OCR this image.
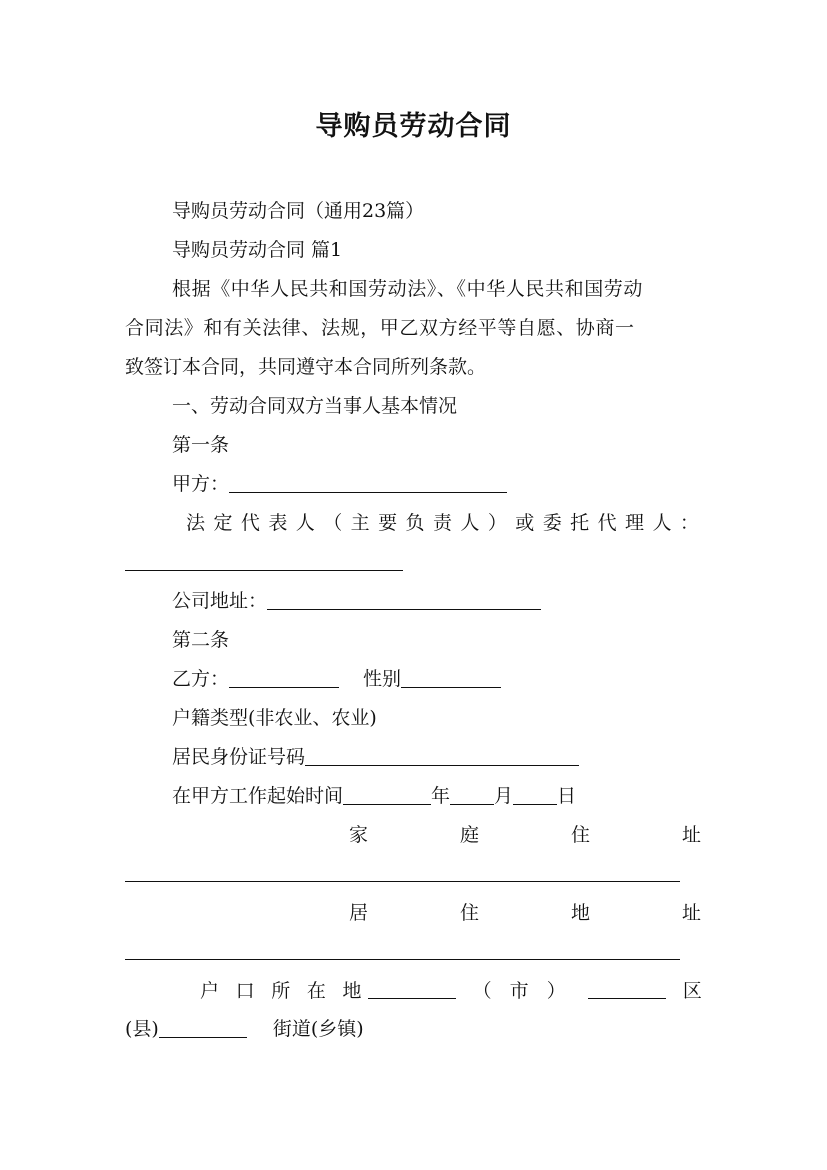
导购员劳动合同
导购员劳动合同（通用23篇）
导购员劳动合同 篇1
根据《中华人民共和国劳动法》、《中华人民共和国劳动
合同法》和有关法律、法规，甲乙双方经平等自愿、协商一
致签订本合同，共同遵守本合同所列条款。
一、劳动合同双方当事人基本情况
第一条
甲方：
法 定 代 表 人 （ 主 要 负 责 人 ） 或 委 托 代 理 人 ：
公司地址：
第二条
乙方：	性别
户籍类型(非农业、农业)
居民身份证号码
在甲方工作起始时间	年 月 日
家	庭	住	址
居	住	地	址
户 口 所 在 地	（ 市 ）	区
(县)	街道(乡镇)
